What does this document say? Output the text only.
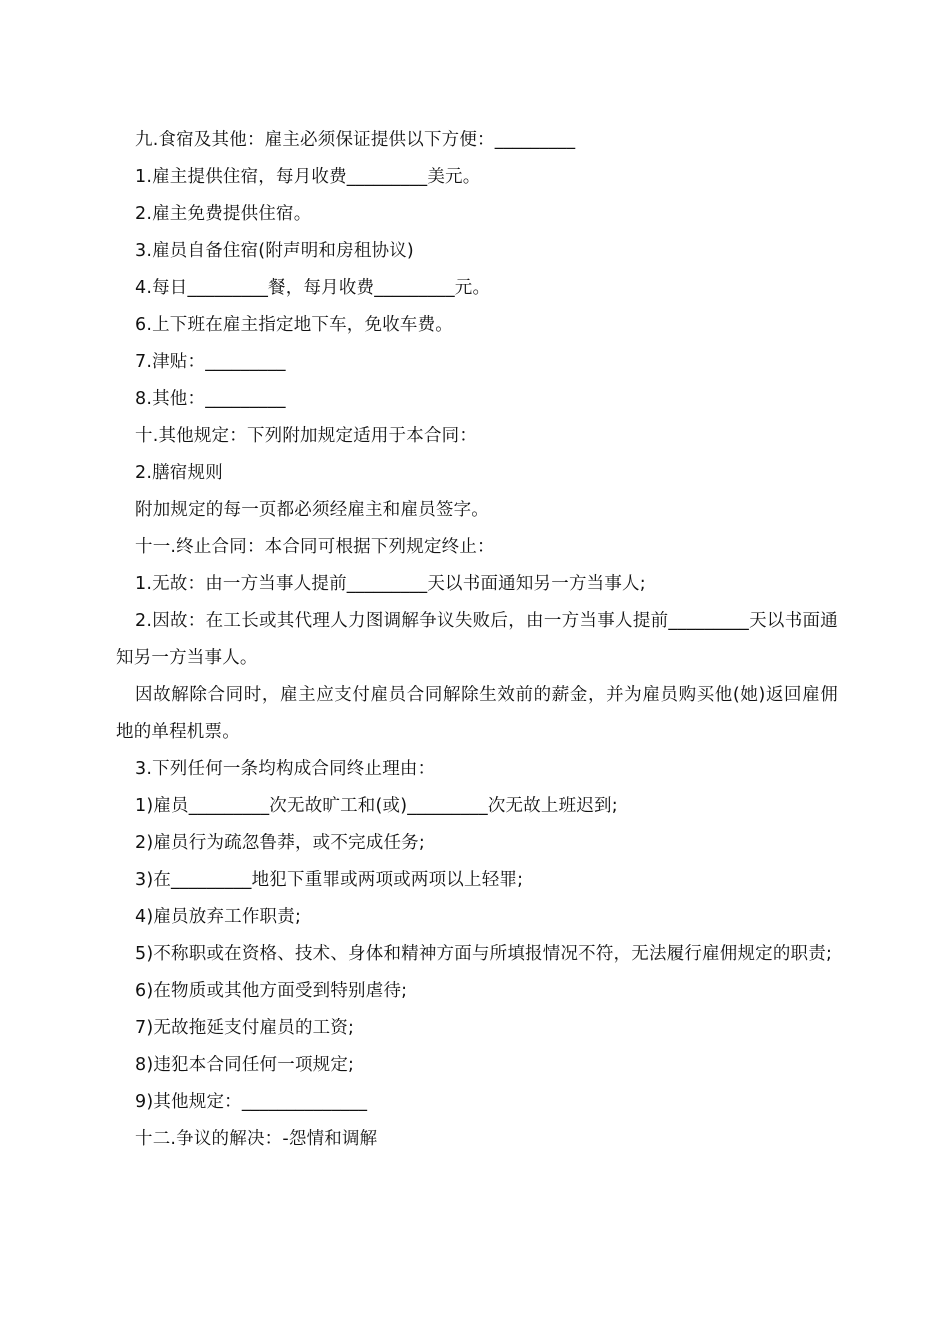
九.食宿及其他：雇主必须保证提供以下方便：_________
1.雇主提供住宿，每月收费_________美元。
2.雇主免费提供住宿。
3.雇员自备住宿(附声明和房租协议)
4.每日_________餐，每月收费_________元。
6.上下班在雇主指定地下车，免收车费。
7.津贴：_________
8.其他：_________
十.其他规定：下列附加规定适用于本合同：
2.膳宿规则
附加规定的每一页都必须经雇主和雇员签字。
十一.终止合同：本合同可根据下列规定终止：
1.无故：由一方当事人提前_________天以书面通知另一方当事人;
2.因故：在工长或其代理人力图调解争议失败后，由一方当事人提前_________天以书面通知另一方当事人。
因故解除合同时，雇主应支付雇员合同解除生效前的薪金，并为雇员购买他(她)返回雇佣地的单程机票。
3.下列任何一条均构成合同终止理由：
1)雇员_________次无故旷工和(或)_________次无故上班迟到;
2)雇员行为疏忽鲁莽，或不完成任务;
3)在_________地犯下重罪或两项或两项以上轻罪;
4)雇员放弃工作职责;
5)不称职或在资格、技术、身体和精神方面与所填报情况不符，无法履行雇佣规定的职责;
6)在物质或其他方面受到特别虐待;
7)无故拖延支付雇员的工资;
8)违犯本合同任何一项规定;
9)其他规定：______________
十二.争议的解决：-怨情和调解
